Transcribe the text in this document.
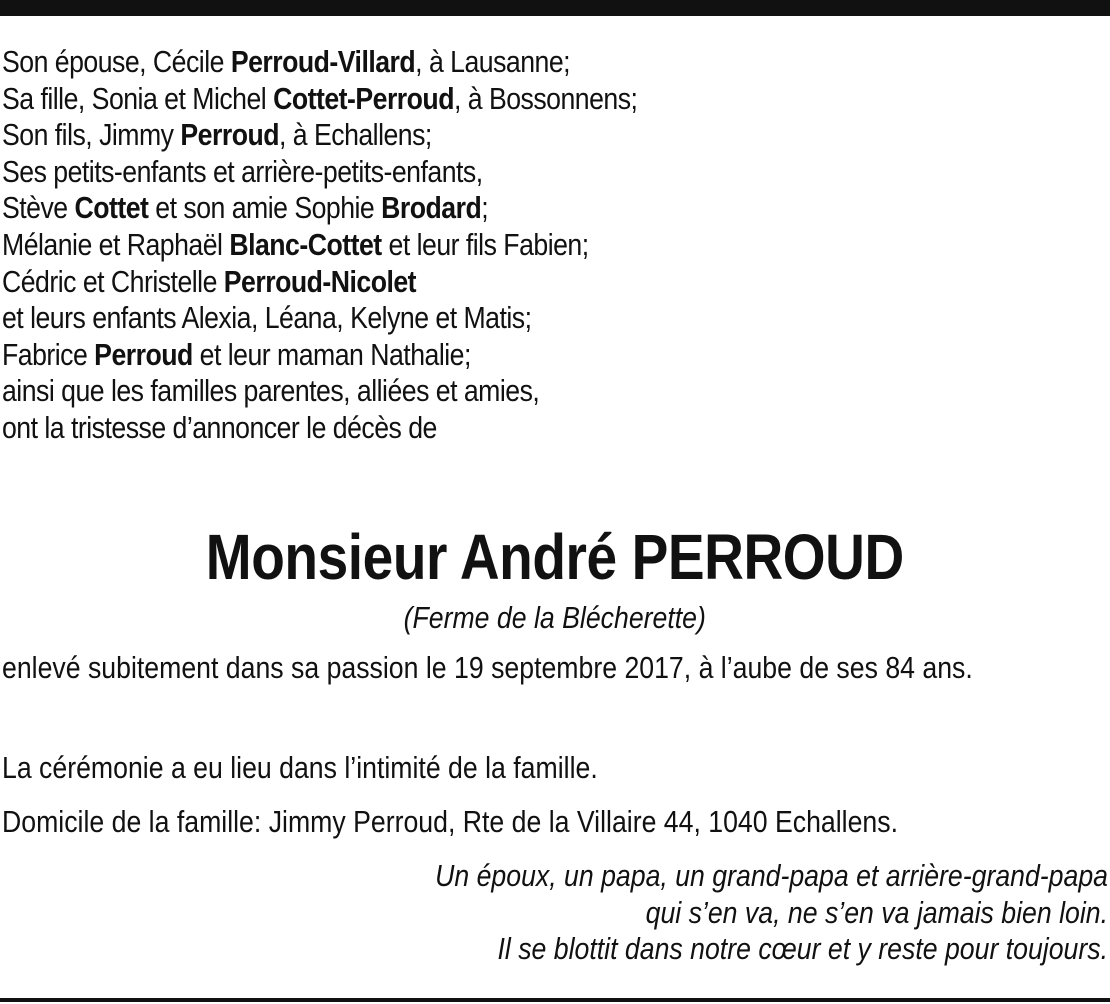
Son épouse, Cécile Perroud-Villard, à Lausanne;
Sa fille, Sonia et Michel Cottet-Perroud, à Bossonnens;
Son fils, Jimmy Perroud, à Echallens;
Ses petits-enfants et arrière-petits-enfants,
Stève Cottet et son amie Sophie Brodard;
Mélanie et Raphaël Blanc-Cottet et leur fils Fabien;
Cédric et Christelle Perroud-Nicolet
et leurs enfants Alexia, Léana, Kelyne et Matis;
Fabrice Perroud et leur maman Nathalie;
ainsi que les familles parentes, alliées et amies,
ont la tristesse d’annoncer le décès de
Monsieur André PERROUD
(Ferme de la Blécherette)
enlevé subitement dans sa passion le 19 septembre 2017, à l’aube de ses 84 ans.
La cérémonie a eu lieu dans l’intimité de la famille.
Domicile de la famille: Jimmy Perroud, Rte de la Villaire 44, 1040 Echallens.
Un époux, un papa, un grand-papa et arrière-grand-papa
qui s’en va, ne s’en va jamais bien loin.
Il se blottit dans notre cœur et y reste pour toujours.
